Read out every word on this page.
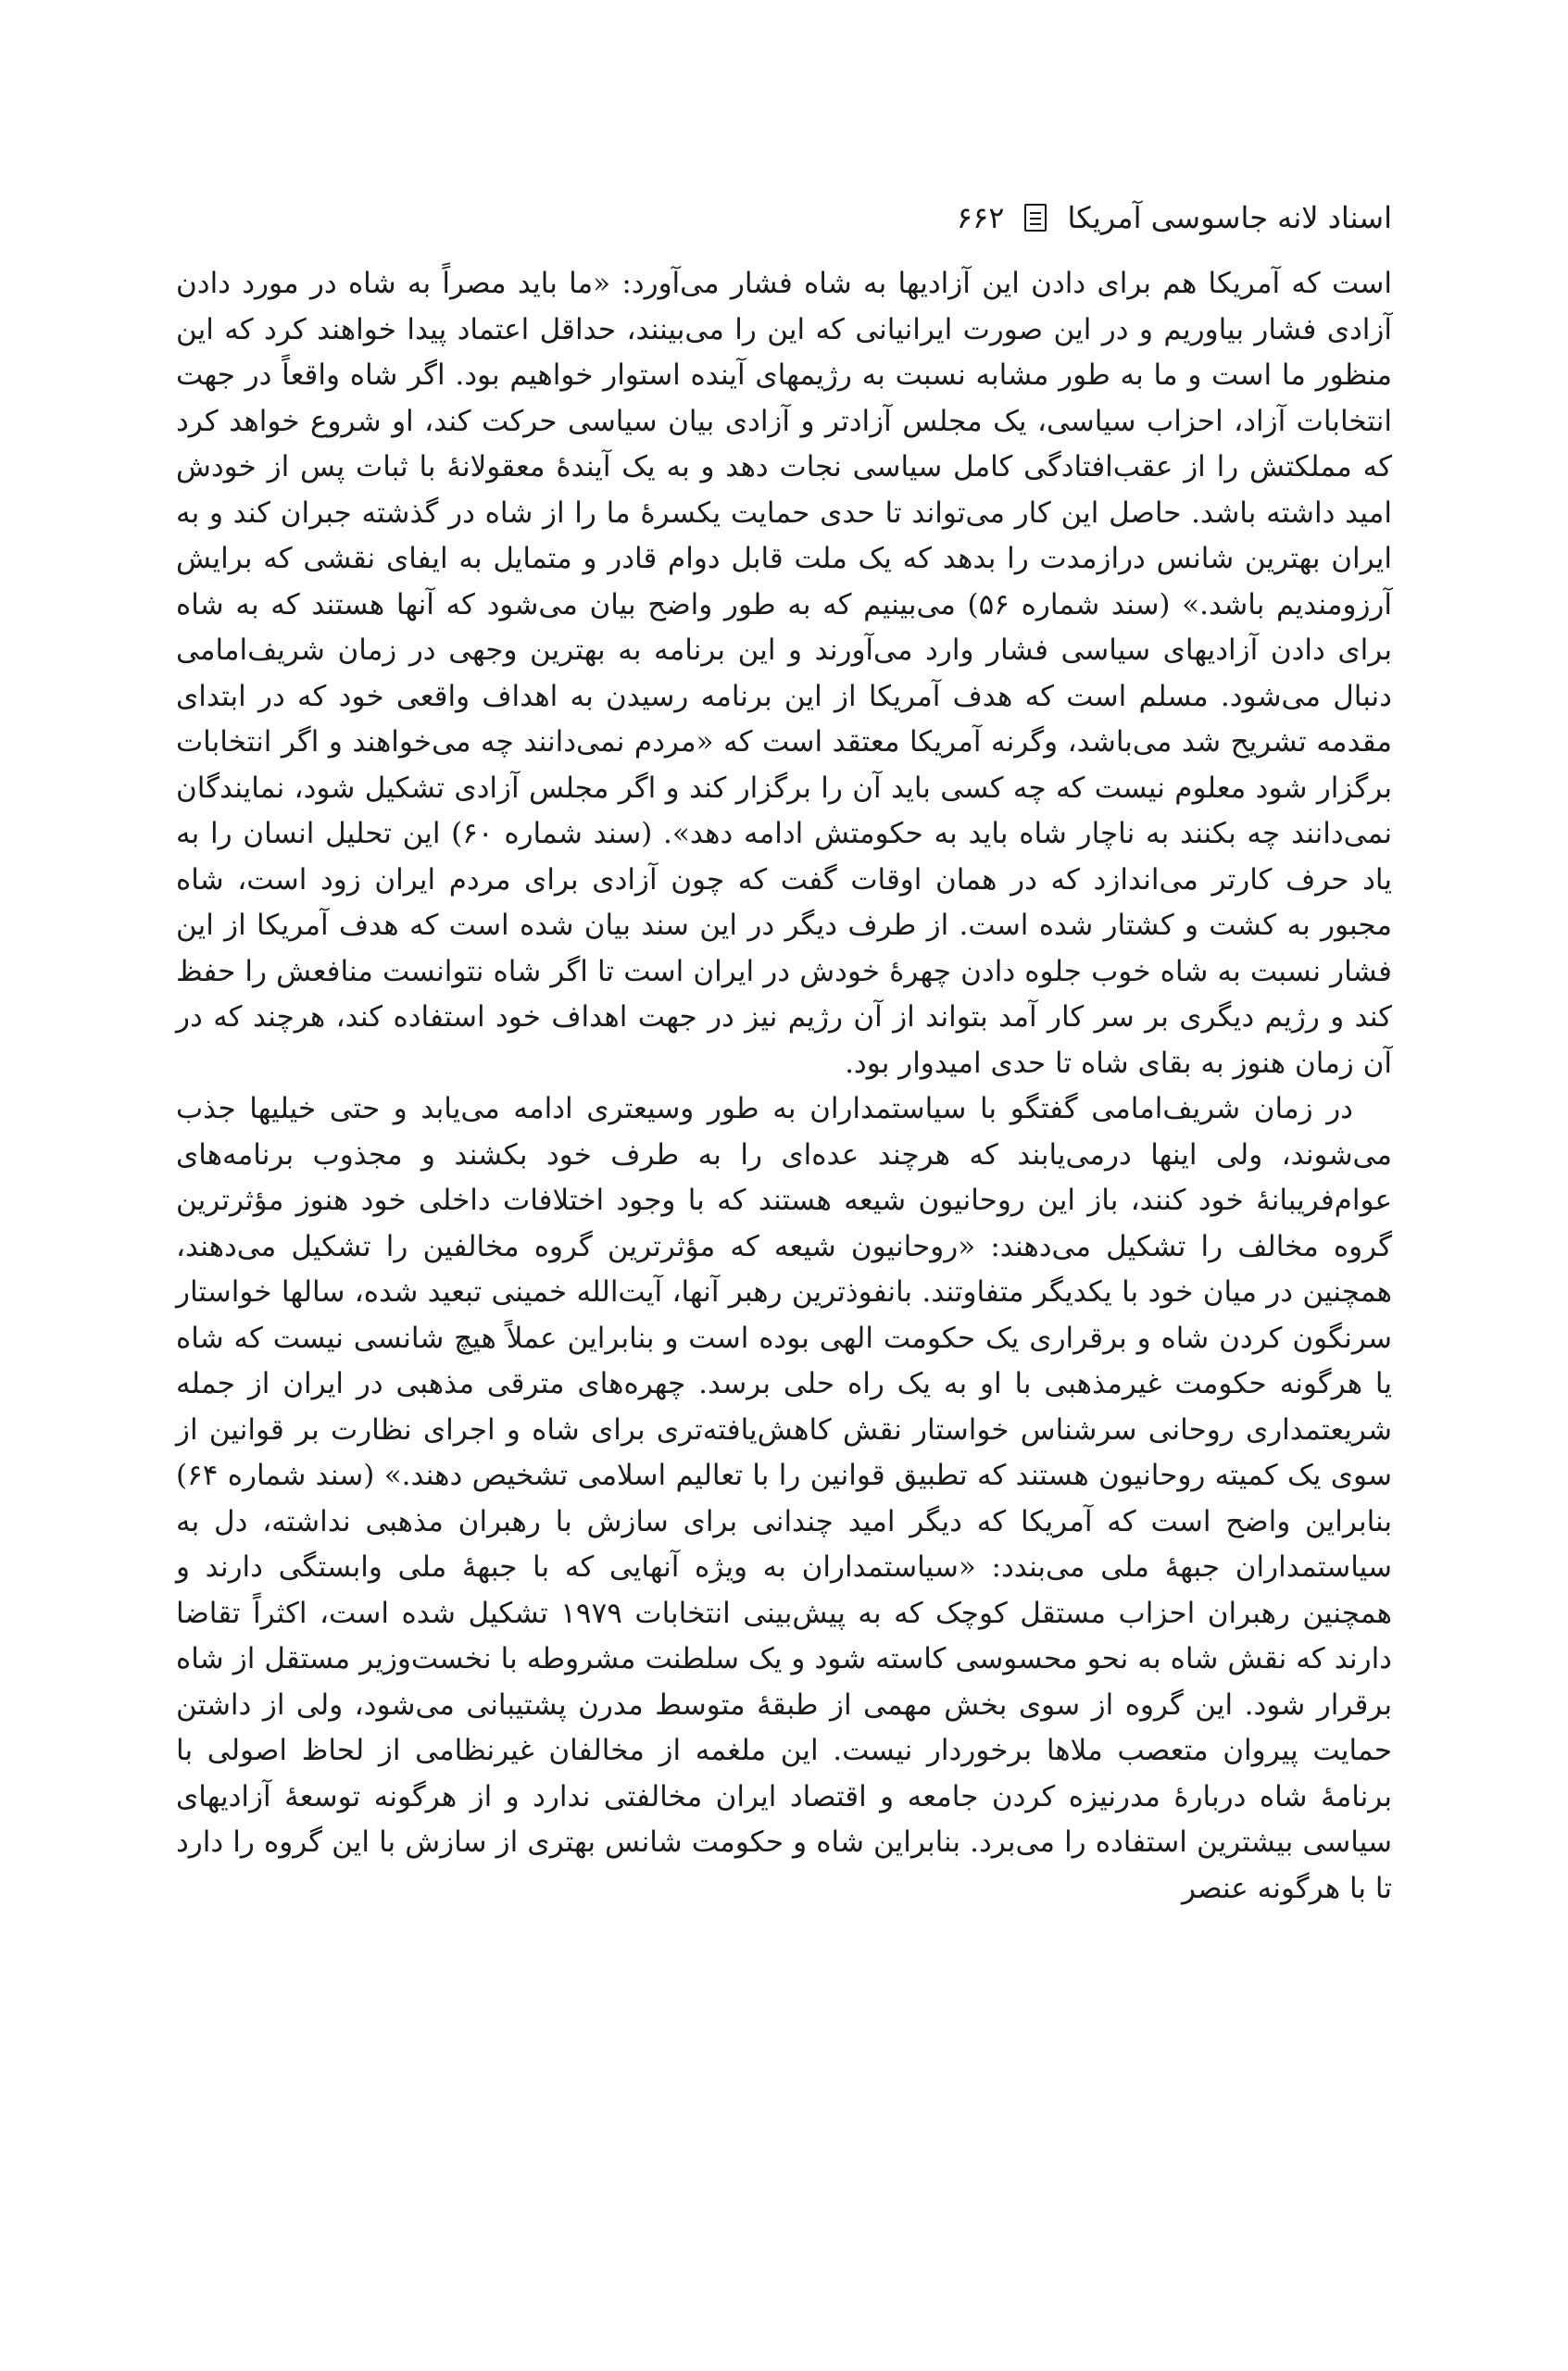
اسناد لانه جاسوسی آمریکا
۶۶۲

است که آمریکا هم برای دادن این آزادیها به شاه فشار می‌آورد: «ما باید مصراً به شاه در مورد دادن آزادی فشار بیاوریم و در این صورت ایرانیانی که این را می‌بینند، حداقل اعتماد پیدا خواهند کرد که این منظور ما است و ما به طور مشابه نسبت به رژیمهای آینده استوار خواهیم بود. اگر شاه واقعاً در جهت انتخابات آزاد، احزاب سیاسی، یک مجلس آزادتر و آزادی بیان سیاسی حرکت کند، او شروع خواهد کرد که مملکتش را از عقب‌افتادگی کامل سیاسی نجات دهد و به یک آیندهٔ معقولانهٔ با ثبات پس از خودش امید داشته باشد. حاصل این کار می‌تواند تا حدی حمایت یکسرهٔ ما را از شاه در گذشته جبران کند و به ایران بهترین شانس درازمدت را بدهد که یک ملت قابل دوام قادر و متمایل به ایفای نقشی که برایش آرزومندیم باشد.» (سند شماره ۵۶) می‌بینیم که به طور واضح بیان می‌شود که آنها هستند که به شاه برای دادن آزادیهای سیاسی فشار وارد می‌آورند و این برنامه به بهترین وجهی در زمان شریف‌امامی دنبال می‌شود. مسلم است که هدف آمریکا از این برنامه رسیدن به اهداف واقعی خود که در ابتدای مقدمه تشریح شد می‌باشد، وگرنه آمریکا معتقد است که «مردم نمی‌دانند چه می‌خواهند و اگر انتخابات برگزار شود معلوم نیست که چه کسی باید آن را برگزار کند و اگر مجلس آزادی تشکیل شود، نمایندگان نمی‌دانند چه بکنند به ناچار شاه باید به حکومتش ادامه دهد». (سند شماره ۶۰) این تحلیل انسان را به یاد حرف کارتر می‌اندازد که در همان اوقات گفت که چون آزادی برای مردم ایران زود است، شاه مجبور به کشت و کشتار شده است. از طرف دیگر در این سند بیان شده است که هدف آمریکا از این فشار نسبت به شاه خوب جلوه دادن چهرهٔ خودش در ایران است تا اگر شاه نتوانست منافعش را حفظ کند و رژیم دیگری بر سر کار آمد بتواند از آن رژیم نیز در جهت اهداف خود استفاده کند، هرچند که در آن زمان هنوز به بقای شاه تا حدی امیدوار بود.

در زمان شریف‌امامی گفتگو با سیاستمداران به طور وسیعتری ادامه می‌یابد و حتی خیلیها جذب می‌شوند، ولی اینها درمی‌یابند که هرچند عده‌ای را به طرف خود بکشند و مجذوب برنامه‌های عوام‌فریبانهٔ خود کنند، باز این روحانیون شیعه هستند که با وجود اختلافات داخلی خود هنوز مؤثرترین گروه مخالف را تشکیل می‌دهند: «روحانیون شیعه که مؤثرترین گروه مخالفین را تشکیل می‌دهند، همچنین در میان خود با یکدیگر متفاوتند. بانفوذترین رهبر آنها، آیت‌الله خمینی تبعید شده، سالها خواستار سرنگون کردن شاه و برقراری یک حکومت الهی بوده است و بنابراین عملاً هیچ شانسی نیست که شاه یا هرگونه حکومت غیرمذهبی با او به یک راه حلی برسد. چهره‌های مترقی مذهبی در ایران از جمله شریعتمداری روحانی سرشناس خواستار نقش کاهش‌یافته‌تری برای شاه و اجرای نظارت بر قوانین از سوی یک کمیته روحانیون هستند که تطبیق قوانین را با تعالیم اسلامی تشخیص دهند.» (سند شماره ۶۴) بنابراین واضح است که آمریکا که دیگر امید چندانی برای سازش با رهبران مذهبی نداشته، دل به سیاستمداران جبههٔ ملی می‌بندد: «سیاستمداران به ویژه آنهایی که با جبههٔ ملی وابستگی دارند و همچنین رهبران احزاب مستقل کوچک که به پیش‌بینی انتخابات ۱۹۷۹ تشکیل شده است، اکثراً تقاضا دارند که نقش شاه به نحو محسوسی کاسته شود و یک سلطنت مشروطه با نخست‌وزیر مستقل از شاه برقرار شود. این گروه از سوی بخش مهمی از طبقهٔ متوسط مدرن پشتیبانی می‌شود، ولی از داشتن حمایت پیروان متعصب ملاها برخوردار نیست. این ملغمه از مخالفان غیرنظامی از لحاظ اصولی با برنامهٔ شاه دربارهٔ مدرنیزه کردن جامعه و اقتصاد ایران مخالفتی ندارد و از هرگونه توسعهٔ آزادیهای سیاسی بیشترین استفاده را می‌برد. بنابراین شاه و حکومت شانس بهتری از سازش با این گروه را دارد تا با هرگونه عنصر
